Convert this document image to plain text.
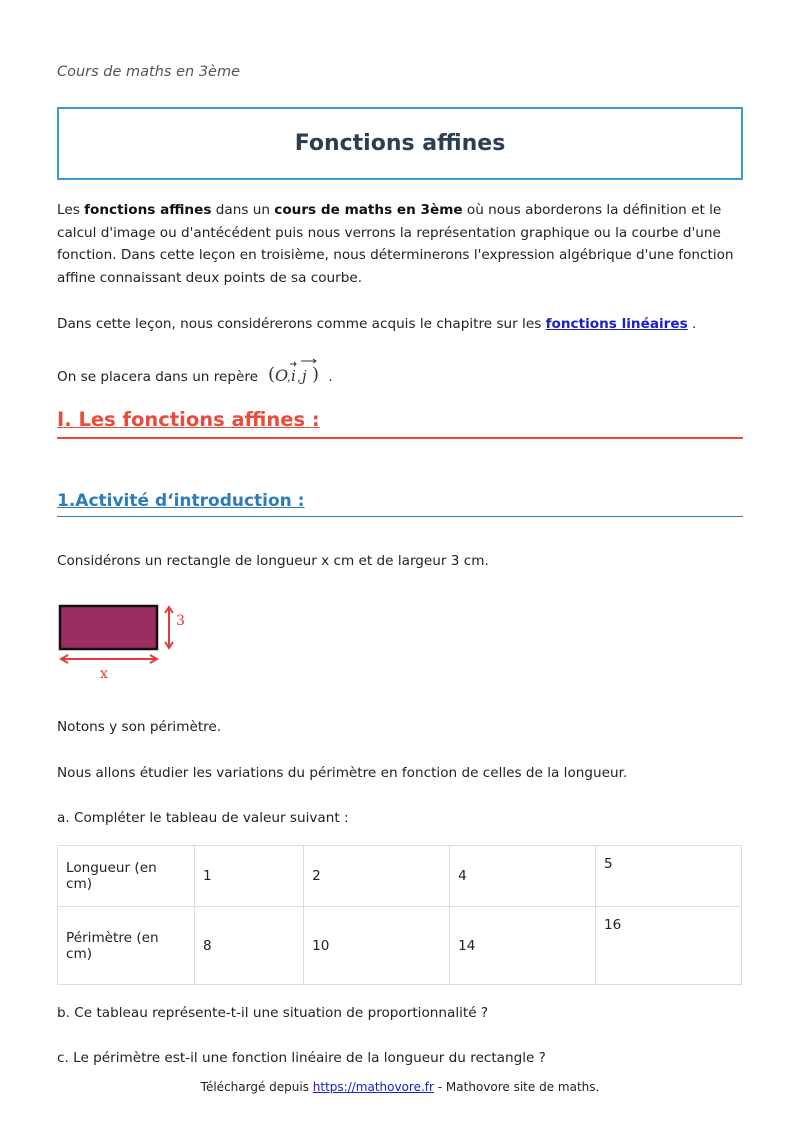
Cours de maths en 3ème
Fonctions affines

Les fonctions affines dans un cours de maths en 3ème où nous aborderons la définition et le calcul d'image ou d'antécédent puis nous verrons la représentation graphique ou la courbe d'une fonction. Dans cette leçon en troisième, nous déterminerons l'expression algébrique d'une fonction affine connaissant deux points de sa courbe.

Dans cette leçon, nous considérerons comme acquis le chapitre sur les fonctions linéaires .

On se placera dans un repère ( O
, i , j ) .

I. Les fonctions affines :
1.Activité d‘introduction :

Considérons un rectangle de longueur x cm et de largeur 3 cm.

3
x

Notons y son périmètre.

Nous allons étudier les variations du périmètre en fonction de celles de la longueur.

a. Compléter le tableau de valeur suivant :

Longueur (en cm)	1	2	4	5
Périmètre (en cm)	8	10	14	16

b. Ce tableau représente-t-il une situation de proportionnalité ?

c. Le périmètre est-il une fonction linéaire de la longueur du rectangle ?

Téléchargé depuis https://mathovore.fr - Mathovore site de maths.
